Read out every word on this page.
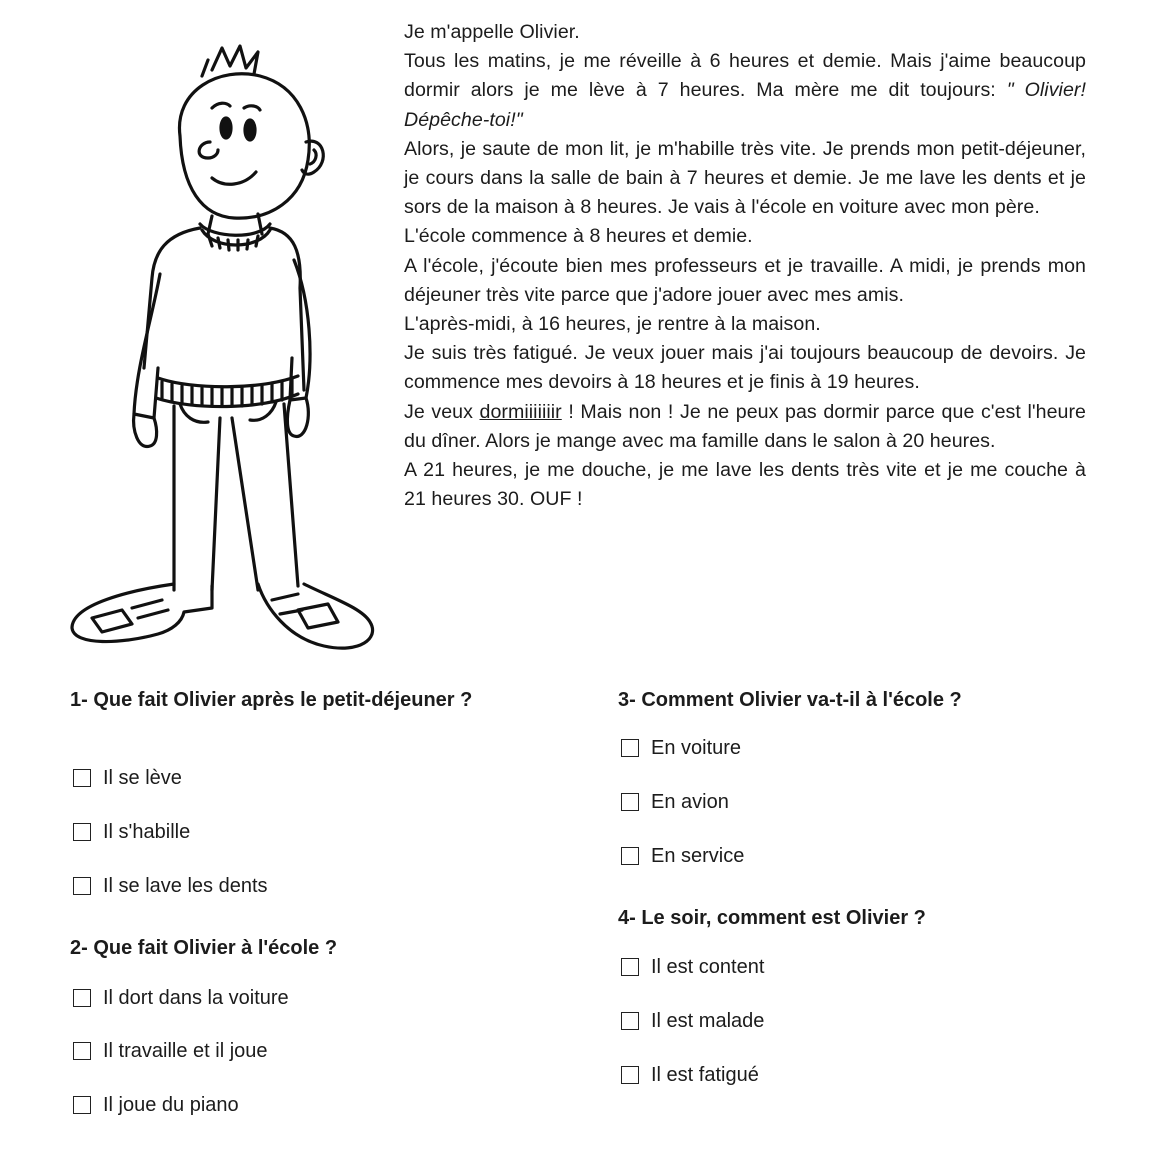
Je m'appelle Olivier.

Tous les matins, je me réveille à 6 heures et demie. Mais j'aime beaucoup dormir alors je me lève à 7 heures. Ma mère me dit toujours: " Olivier! Dépêche-toi!"

Alors, je saute de mon lit, je m'habille très vite. Je prends mon petit-déjeuner, je cours dans la salle de bain à 7 heures et demie. Je me lave les dents et je sors de la maison à 8 heures. Je vais à l'école en voiture avec mon père.

L'école commence à 8 heures et demie.

A l'école, j'écoute bien mes professeurs et je travaille. A midi, je prends mon déjeuner très vite parce que j'adore jouer avec mes amis.

L'après-midi, à 16 heures, je rentre à la maison.

Je suis très fatigué. Je veux jouer mais j'ai toujours beaucoup de devoirs. Je commence mes devoirs à 18 heures et je finis à 19 heures.

Je veux dormiiiiiiir ! Mais non ! Je ne peux pas dormir parce que c'est l'heure du dîner. Alors je mange avec ma famille dans le salon à 20 heures.

A 21 heures, je me douche, je me lave les dents très vite et je me couche à 21 heures 30. OUF !

1- Que fait Olivier après le petit-déjeuner ?

Il se lève
Il s'habille
Il se lave les dents

2- Que fait Olivier à l'école ?

Il dort dans la voiture
Il travaille et il joue
Il joue du piano

3- Comment Olivier va-t-il à l'école ?

En voiture
En avion
En service

4- Le soir, comment est Olivier ?

Il est content
Il est malade
Il est fatigué
